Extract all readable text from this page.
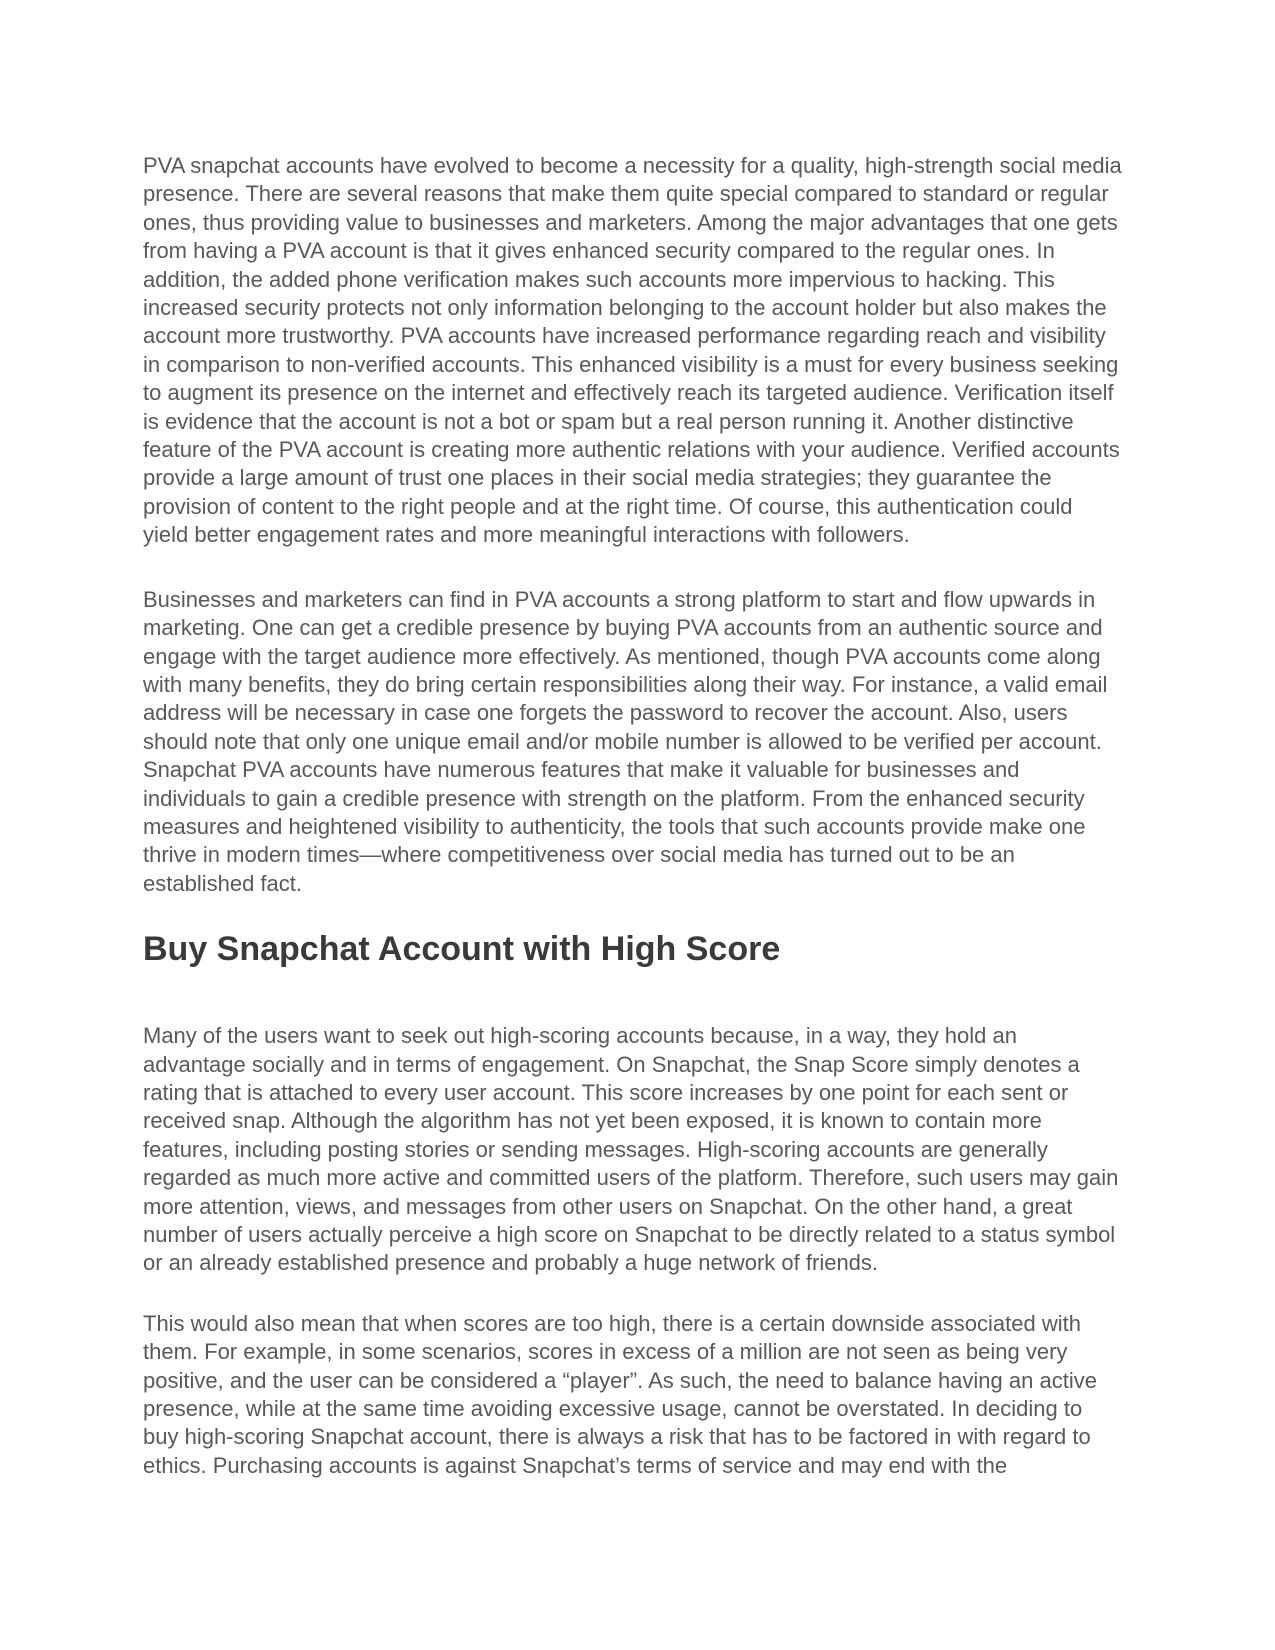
PVA snapchat accounts have evolved to become a necessity for a quality, high-strength social media
presence. There are several reasons that make them quite special compared to standard or regular
ones, thus providing value to businesses and marketers. Among the major advantages that one gets
from having a PVA account is that it gives enhanced security compared to the regular ones. In
addition, the added phone verification makes such accounts more impervious to hacking. This
increased security protects not only information belonging to the account holder but also makes the
account more trustworthy. PVA accounts have increased performance regarding reach and visibility
in comparison to non-verified accounts. This enhanced visibility is a must for every business seeking
to augment its presence on the internet and effectively reach its targeted audience. Verification itself
is evidence that the account is not a bot or spam but a real person running it. Another distinctive
feature of the PVA account is creating more authentic relations with your audience. Verified accounts
provide a large amount of trust one places in their social media strategies; they guarantee the
provision of content to the right people and at the right time. Of course, this authentication could
yield better engagement rates and more meaningful interactions with followers.
Businesses and marketers can find in PVA accounts a strong platform to start and flow upwards in
marketing. One can get a credible presence by buying PVA accounts from an authentic source and
engage with the target audience more effectively. As mentioned, though PVA accounts come along
with many benefits, they do bring certain responsibilities along their way. For instance, a valid email
address will be necessary in case one forgets the password to recover the account. Also, users
should note that only one unique email and/or mobile number is allowed to be verified per account.
Snapchat PVA accounts have numerous features that make it valuable for businesses and
individuals to gain a credible presence with strength on the platform. From the enhanced security
measures and heightened visibility to authenticity, the tools that such accounts provide make one
thrive in modern times—where competitiveness over social media has turned out to be an
established fact.
Buy Snapchat Account with High Score
Many of the users want to seek out high-scoring accounts because, in a way, they hold an
advantage socially and in terms of engagement. On Snapchat, the Snap Score simply denotes a
rating that is attached to every user account. This score increases by one point for each sent or
received snap. Although the algorithm has not yet been exposed, it is known to contain more
features, including posting stories or sending messages. High-scoring accounts are generally
regarded as much more active and committed users of the platform. Therefore, such users may gain
more attention, views, and messages from other users on Snapchat. On the other hand, a great
number of users actually perceive a high score on Snapchat to be directly related to a status symbol
or an already established presence and probably a huge network of friends.
This would also mean that when scores are too high, there is a certain downside associated with
them. For example, in some scenarios, scores in excess of a million are not seen as being very
positive, and the user can be considered a “player”. As such, the need to balance having an active
presence, while at the same time avoiding excessive usage, cannot be overstated. In deciding to
buy high-scoring Snapchat account, there is always a risk that has to be factored in with regard to
ethics. Purchasing accounts is against Snapchat’s terms of service and may end with the
